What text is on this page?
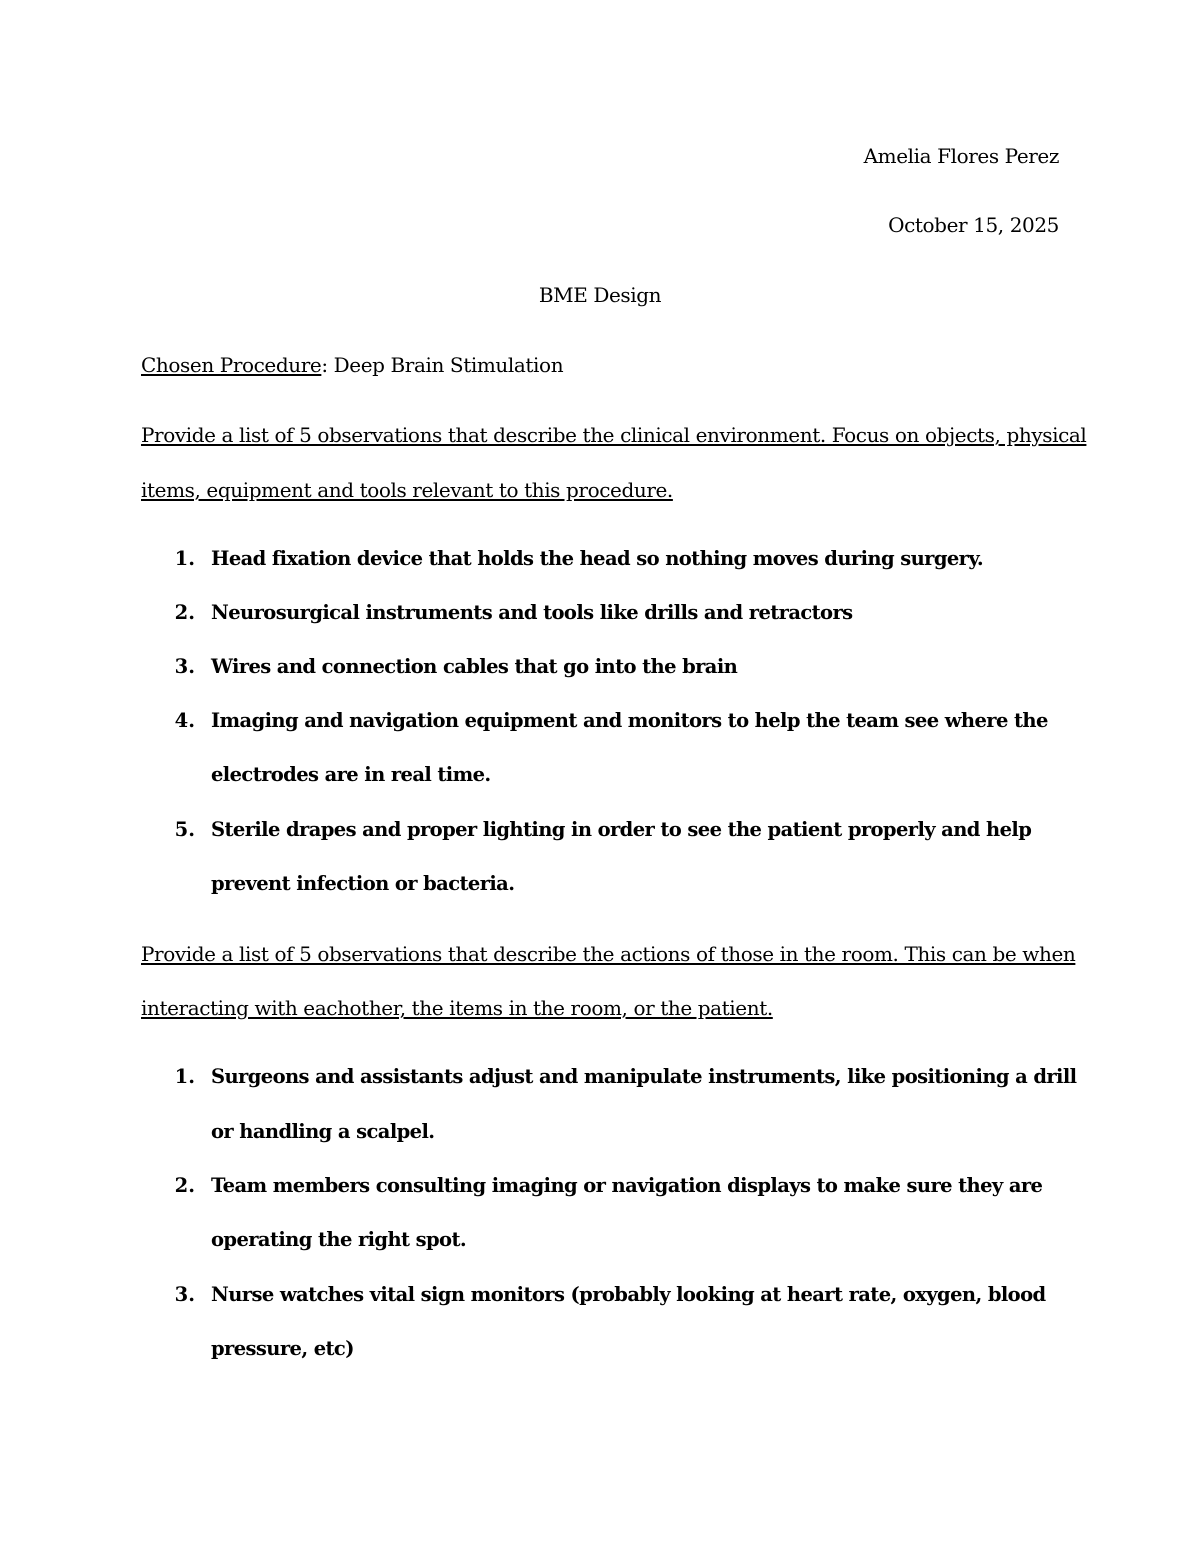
Amelia Flores Perez
October 15, 2025
BME Design
Chosen Procedure: Deep Brain Stimulation
Provide a list of 5 observations that describe the clinical environment. Focus on objects, physical
items, equipment and tools relevant to this procedure.
1. Head fixation device that holds the head so nothing moves during surgery.
2. Neurosurgical instruments and tools like drills and retractors
3. Wires and connection cables that go into the brain
4. Imaging and navigation equipment and monitors to help the team see where the
electrodes are in real time.
5. Sterile drapes and proper lighting in order to see the patient properly and help
prevent infection or bacteria.
Provide a list of 5 observations that describe the actions of those in the room. This can be when
interacting with eachother, the items in the room, or the patient.
1. Surgeons and assistants adjust and manipulate instruments, like positioning a drill
or handling a scalpel.
2. Team members consulting imaging or navigation displays to make sure they are
operating the right spot.
3. Nurse watches vital sign monitors (probably looking at heart rate, oxygen, blood
pressure, etc)
